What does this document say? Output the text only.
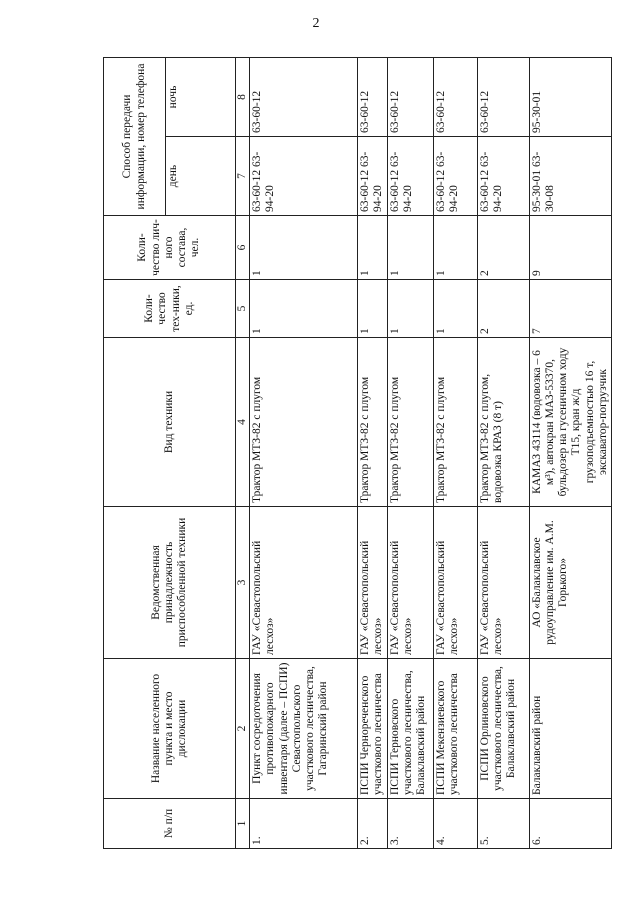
2
№ п/п	Название населенного пункта и место дислокации	Ведомственная принадлежность приспособленной техники	Вид техники	Коли-чество тех-ники, ед.	Коли-чество лич-ного состава, чел.	Способ передачи информации, номер телефона	
						день	ночь
1	2	3	4	5	6	7	8
1.	Пункт сосредоточения противопожарного инвентаря (далее – ПСПИ) Севастопольского участкового лесничества, Гагаринский район	ГАУ «Севастопольский лесхоз»	Трактор МТЗ-82 с плугом	1	1	63-60-12 63-94-20	63-60-12
2.	ПСПИ Чернореченского участкового лесничества	ГАУ «Севастопольский лесхоз»	Трактор МТЗ-82 с плугом	1	1	63-60-12 63-94-20	63-60-12
3.	ПСПИ Терновского участкового лесничества, Балаклавский район	ГАУ «Севастопольский лесхоз»	Трактор МТЗ-82 с плугом	1	1	63-60-12 63-94-20	63-60-12
4.	ПСПИ Мекензиевского участкового лесничества	ГАУ «Севастопольский лесхоз»	Трактор МТЗ-82 с плугом	1	1	63-60-12 63-94-20	63-60-12
5.	ПСПИ Орлиновского участкового лесничества, Балаклавский район	ГАУ «Севастопольский лесхоз»	Трактор МТЗ-82 с плугом, водовозка КРАЗ (8 т)	2	2	63-60-12 63-94-20	63-60-12
6.	Балаклавский район	АО «Балаклавское рудоуправление им. А.М. Горького»	КАМАЗ 43114 (водовозка – 6 м³), автокран МАЗ-53370, бульдозер на гусеничном ходу Т15, кран ж/д грузоподъемностью 16 т, экскаватор-погрузчик	7	9	95-30-01 63-30-08	95-30-01
